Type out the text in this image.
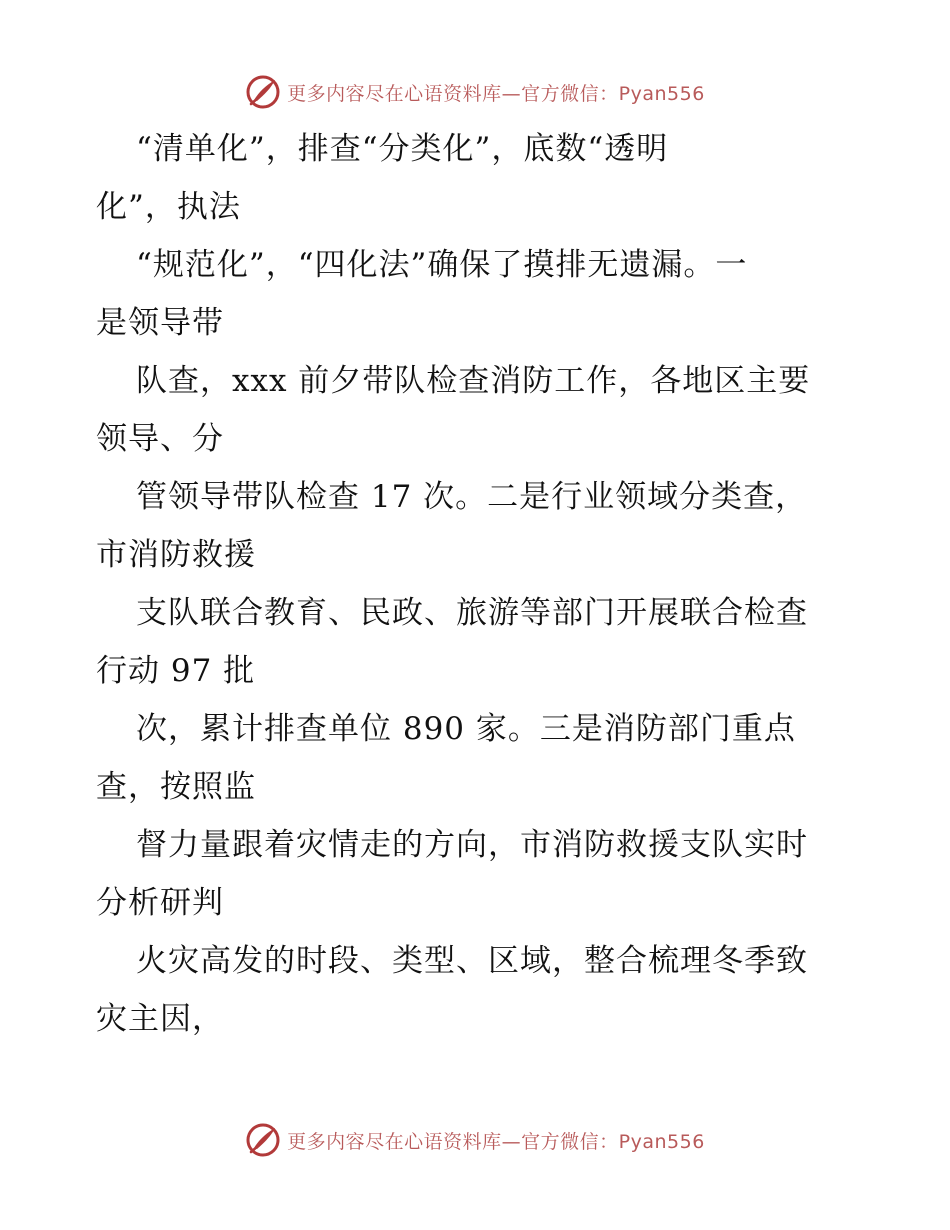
更多内容尽在心语资料库—官方微信：Pyan556
“清单化”，排查“分类化”，底数“透明
化”，执法
“规范化”，“四化法”确保了摸排无遗漏。一
是领导带
队查，xxx 前夕带队检查消防工作，各地区主要
领导、分
管领导带队检查 17 次。二是行业领域分类查，
市消防救援
支队联合教育、民政、旅游等部门开展联合检查
行动 97 批
次，累计排查单位 890 家。三是消防部门重点
查，按照监
督力量跟着灾情走的方向，市消防救援支队实时
分析研判
火灾高发的时段、类型、区域，整合梳理冬季致
灾主因，
更多内容尽在心语资料库—官方微信：Pyan556
